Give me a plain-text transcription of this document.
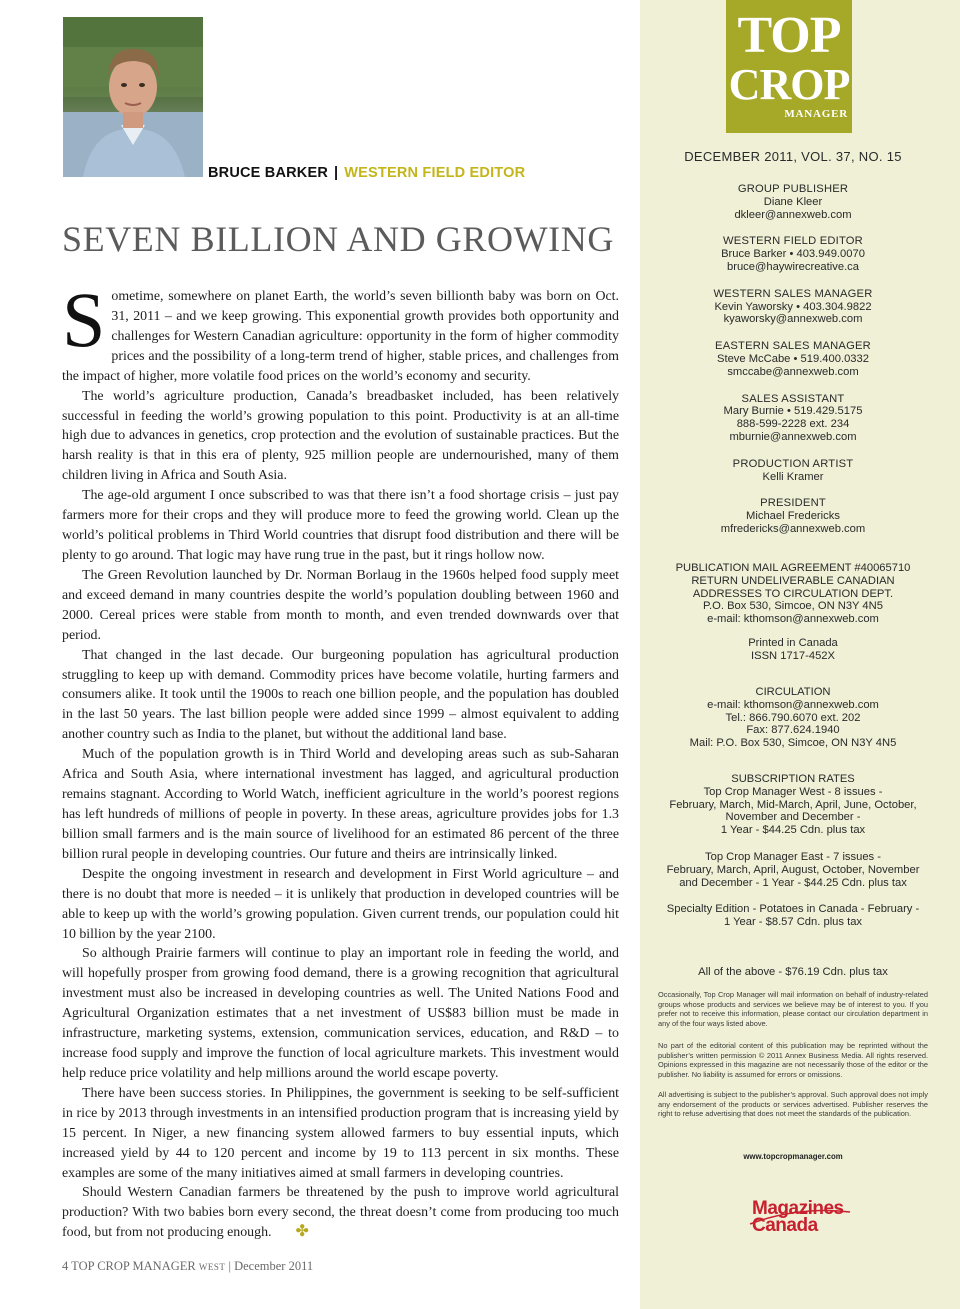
BRUCE BARKER | WESTERN FIELD EDITOR
SEVEN BILLION AND GROWING

Sometime, somewhere on planet Earth, the world’s seven billionth baby was born on Oct. 31, 2011 – and we keep growing. This exponential growth provides both opportunity and challenges for Western Canadian agriculture: opportunity in the form of higher commodity prices and the possibility of a long-term trend of higher, stable prices, and challenges from the impact of higher, more volatile food prices on the world’s economy and security.

The world’s agriculture production, Canada’s breadbasket included, has been relatively successful in feeding the world’s growing population to this point. Productivity is at an all-time high due to advances in genetics, crop protection and the evolution of sustainable practices. But the harsh reality is that in this era of plenty, 925 million people are undernourished, many of them children living in Africa and South Asia.

The age-old argument I once subscribed to was that there isn’t a food shortage crisis – just pay farmers more for their crops and they will produce more to feed the growing world. Clean up the world’s political problems in Third World countries that disrupt food distribution and there will be plenty to go around. That logic may have rung true in the past, but it rings hollow now.

The Green Revolution launched by Dr. Norman Borlaug in the 1960s helped food supply meet and exceed demand in many countries despite the world’s population doubling between 1960 and 2000. Cereal prices were stable from month to month, and even trended downwards over that period.

That changed in the last decade. Our burgeoning population has agricultural production struggling to keep up with demand. Commodity prices have become volatile, hurting farmers and consumers alike. It took until the 1900s to reach one billion people, and the population has doubled in the last 50 years. The last billion people were added since 1999 – almost equivalent to adding another country such as India to the planet, but without the additional land base.

Much of the population growth is in Third World and developing areas such as sub-Saharan Africa and South Asia, where international investment has lagged, and agricultural production remains stagnant. According to World Watch, inefficient agriculture in the world’s poorest regions has left hundreds of millions of people in poverty. In these areas, agriculture provides jobs for 1.3 billion small farmers and is the main source of livelihood for an estimated 86 percent of the three billion rural people in developing countries. Our future and theirs are intrinsically linked.

Despite the ongoing investment in research and development in First World agriculture – and there is no doubt that more is needed – it is unlikely that production in developed countries will be able to keep up with the world’s growing population. Given current trends, our population could hit 10 billion by the year 2100.

So although Prairie farmers will continue to play an important role in feeding the world, and will hopefully prosper from growing food demand, there is a growing recognition that agricultural investment must also be increased in developing countries as well. The United Nations Food and Agricultural Organization estimates that a net investment of US$83 billion must be made in infrastructure, marketing systems, extension, communication services, education, and R&D – to increase food supply and improve the function of local agriculture markets. This investment would help reduce price volatility and help millions around the world escape poverty.

There have been success stories. In Philippines, the government is seeking to be self-sufficient in rice by 2013 through investments in an intensified production program that is increasing yield by 15 percent. In Niger, a new financing system allowed farmers to buy essential inputs, which increased yield by 44 to 120 percent and income by 19 to 113 percent in six months. These examples are some of the many initiatives aimed at small farmers in developing countries.

Should Western Canadian farmers be threatened by the push to improve world agricultural production? With two babies born every second, the threat doesn’t come from producing too much food, but from not producing enough. ✤

4 TOP CROP MANAGER WEST | December 2011
TOP
CROP
MANAGER
DECEMBER 2011, VOL. 37, NO. 15
GROUP PUBLISHER
Diane Kleer
dkleer@annexweb.com
WESTERN FIELD EDITOR
Bruce Barker • 403.949.0070
bruce@haywirecreative.ca
WESTERN SALES MANAGER
Kevin Yaworsky • 403.304.9822
kyaworsky@annexweb.com
EASTERN SALES MANAGER
Steve McCabe • 519.400.0332
smccabe@annexweb.com
SALES ASSISTANT
Mary Burnie • 519.429.5175
888-599-2228 ext. 234
mburnie@annexweb.com
PRODUCTION ARTIST
Kelli Kramer
PRESIDENT
Michael Fredericks
mfredericks@annexweb.com
PUBLICATION MAIL AGREEMENT #40065710
RETURN UNDELIVERABLE CANADIAN
ADDRESSES TO CIRCULATION DEPT.
P.O. Box 530, Simcoe, ON N3Y 4N5
e-mail: kthomson@annexweb.com
Printed in Canada
ISSN 1717-452X
CIRCULATION
e-mail: kthomson@annexweb.com
Tel.: 866.790.6070 ext. 202
Fax: 877.624.1940
Mail: P.O. Box 530, Simcoe, ON N3Y 4N5
SUBSCRIPTION RATES
Top Crop Manager West - 8 issues -
February, March, Mid-March, April, June, October,
November and December -
1 Year - $44.25 Cdn. plus tax
Top Crop Manager East - 7 issues -
February, March, April, August, October, November
and December - 1 Year - $44.25 Cdn. plus tax
Specialty Edition - Potatoes in Canada - February -
1 Year - $8.57 Cdn. plus tax
All of the above - $76.19 Cdn. plus tax
Occasionally, Top Crop Manager will mail information on behalf of industry-related groups whose products and services we believe may be of interest to you. If you prefer not to receive this information, please contact our circulation department in any of the four ways listed above.
No part of the editorial content of this publication may be reprinted without the publisher’s written permission © 2011 Annex Business Media. All rights reserved. Opinions expressed in this magazine are not necessarily those of the editor or the publisher. No liability is assumed for errors or omissions.
All advertising is subject to the publisher’s approval. Such approval does not imply any endorsement of the products or services advertised. Publisher reserves the right to refuse advertising that does not meet the standards of the publication.
www.topcropmanager.com
Magazines
Canada
